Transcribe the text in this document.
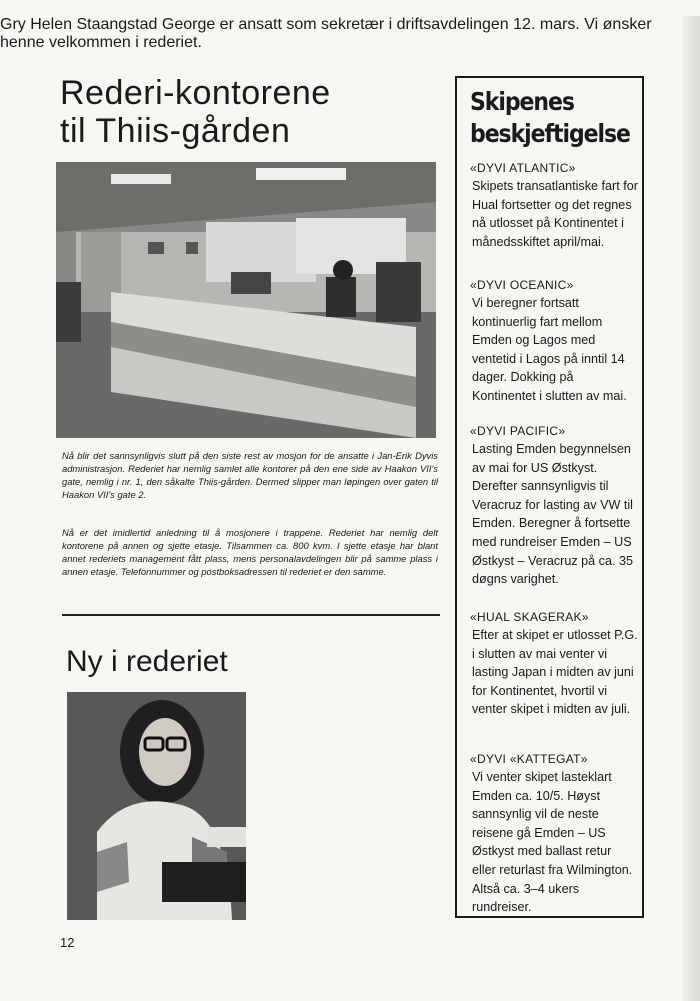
Rederi-kontorene
til Thiis-gården

Nå blir det sannsynligvis slutt på den siste rest av mosjon for de ansatte i Jan-Erik Dyvis administrasjon. Rederiet har nemlig samlet alle kontorer på den ene side av Haakon VII's gate, nemlig i nr. 1, den såkalte Thiis-gården. Dermed slipper man løpingen over gaten til Haakon VII's gate 2.

Nå er det imidlertid anledning til å mosjonere i trappene. Rederiet har nemlig delt kontorene på annen og sjette etasje. Tilsammen ca. 800 kvm. I sjette etasje har blant annet rederiets management fått plass, mens personalavdelingen blir på samme plass i annen etasje. Telefonnummer og postboksadressen til rederiet er den samme.

Ny i rederiet

Gry Helen Staangstad George er ansatt som sekretær i driftsavdelingen 12. mars. Vi ønsker henne velkommen i rederiet.

12
Skipenes
beskjeftigelse
«DYVI ATLANTIC»
Skipets transatlantiske fart for Hual fortsetter og det regnes nå utlosset på Kontinentet i månedsskiftet april/mai.
«DYVI OCEANIC»
Vi beregner fortsatt kontinuerlig fart mellom Emden og Lagos med ventetid i Lagos på inntil 14 dager. Dokking på Kontinentet i slutten av mai.
«DYVI PACIFIC»
Lasting Emden begynnelsen av mai for US Østkyst. Derefter sannsynligvis til Veracruz for lasting av VW til Emden. Beregner å fortsette med rundreiser Emden – US Østkyst – Veracruz på ca. 35 døgns varighet.
«HUAL SKAGERAK»
Efter at skipet er utlosset P.G. i slutten av mai venter vi lasting Japan i midten av juni for Kontinentet, hvortil vi venter skipet i midten av juli.
«DYVI «KATTEGAT»
Vi venter skipet lasteklart Emden ca. 10/5. Høyst sannsynlig vil de neste reisene gå Emden – US Østkyst med ballast retur eller returlast fra Wilmington. Altså ca. 3–4 ukers rundreiser.
